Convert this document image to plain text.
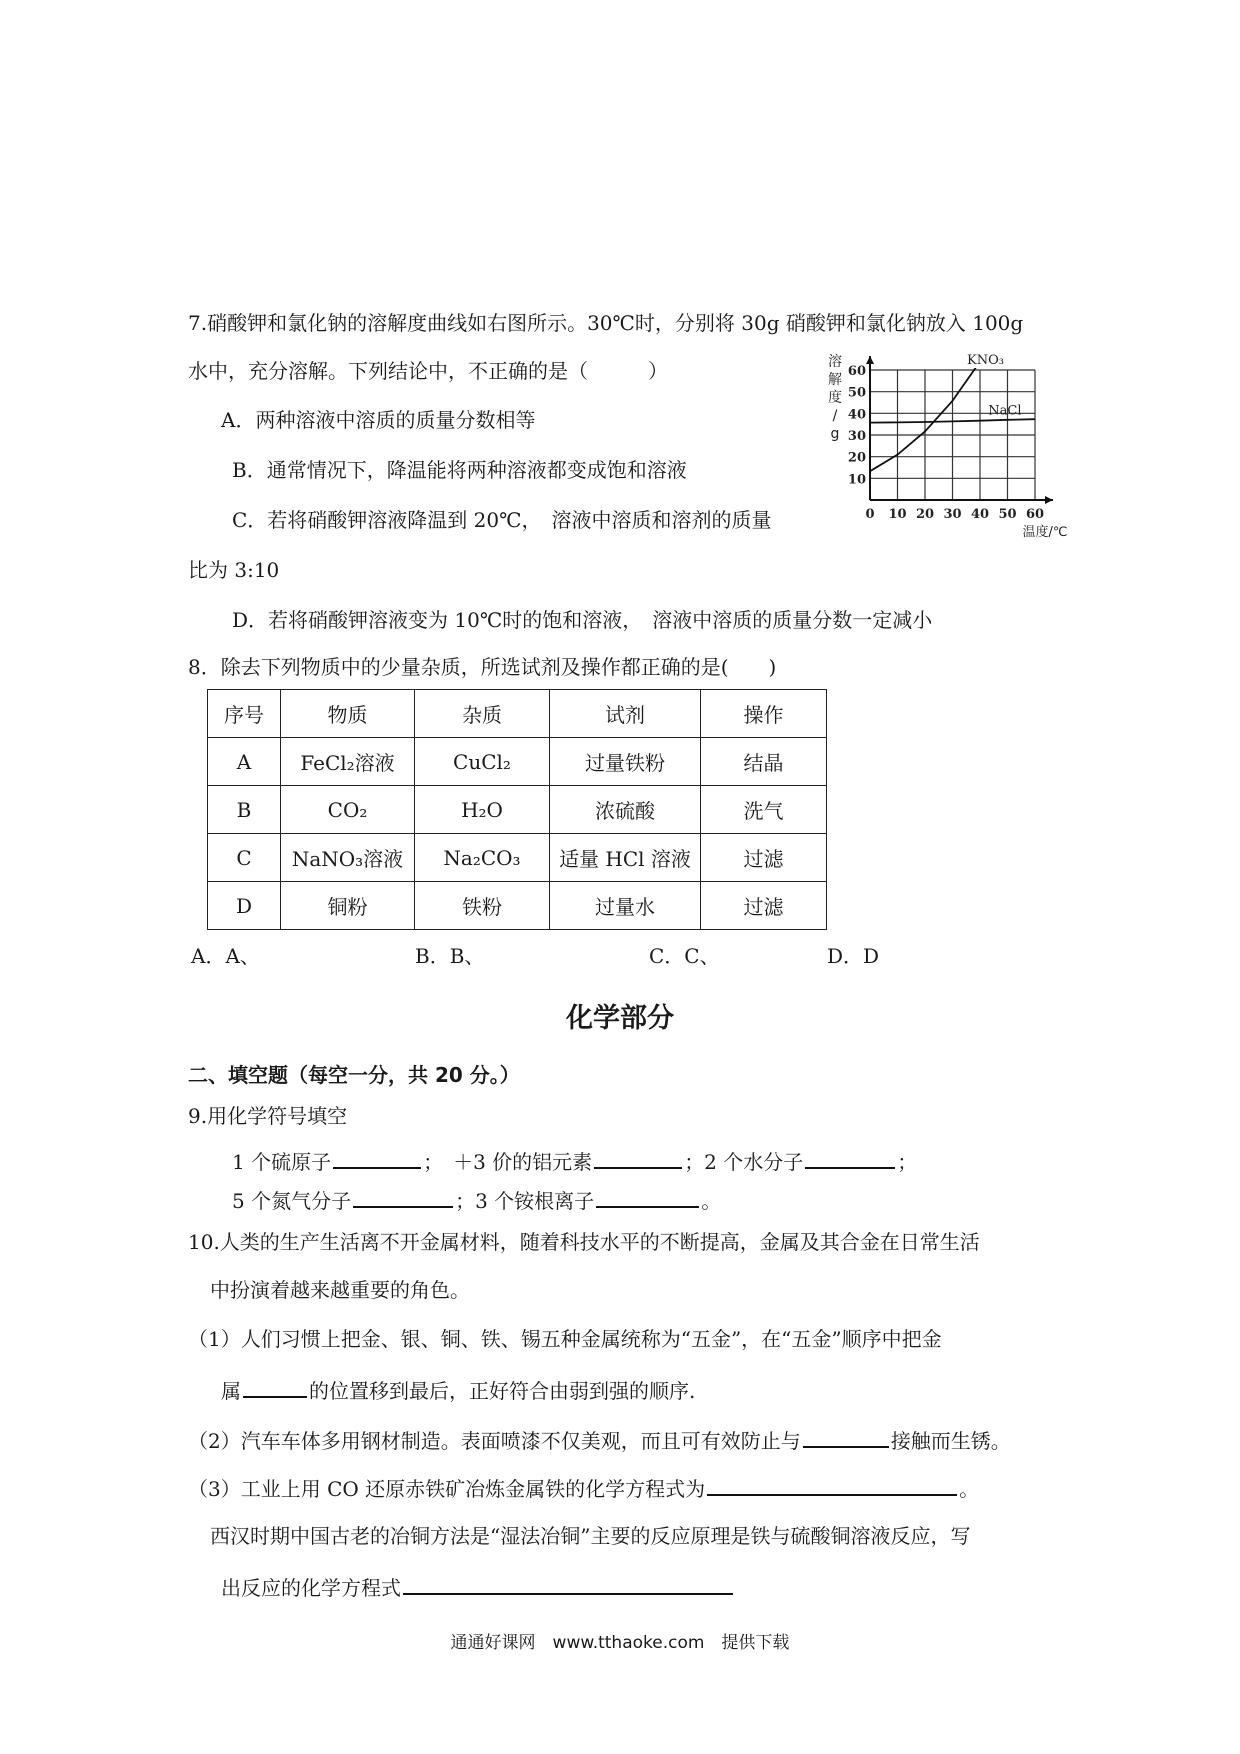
7.硝酸钾和氯化钠的溶解度曲线如右图所示。30℃时，分别将 30g 硝酸钾和氯化钠放入 100g
水中，充分溶解。下列结论中，不正确的是（　　　）
A．两种溶液中溶质的质量分数相等
B．通常情况下，降温能将两种溶液都变成饱和溶液
C．若将硝酸钾溶液降温到 20℃，　溶液中溶质和溶剂的质量
比为 3:10
D．若将硝酸钾溶液变为 10℃时的饱和溶液，　溶液中溶质的质量分数一定减小
0 10 20 30 40 50 60
10
20
30
40
50
60
溶
解
度
/
g
温度/℃
KNO₃
NaCl
8．除去下列物质中的少量杂质，所选试剂及操作都正确的是(　　)
序号	物质	杂质	试剂	操作
A	FeCl₂溶液	CuCl₂	过量铁粉	结晶
B	CO₂	H₂O	浓硫酸	洗气
C	NaNO₃溶液	Na₂CO₃	适量 HCl 溶液	过滤
D	铜粉	铁粉	过量水	过滤
A．A、	B．B、	C．C、	D．D
化学部分
二、填空题（每空一分，共 20 分。）
9.用化学符号填空
1 个硫原子	；　＋3 价的铝元素	；2 个水分子	；
5 个氮气分子	；3 个铵根离子	。
10.人类的生产生活离不开金属材料，随着科技水平的不断提高，金属及其合金在日常生活
中扮演着越来越重要的角色。
（1）人们习惯上把金、银、铜、铁、锡五种金属统称为“五金”，在“五金”顺序中把金
属	的位置移到最后，正好符合由弱到强的顺序.
（2）汽车车体多用钢材制造。表面喷漆不仅美观，而且可有效防止与	接触而生锈。
（3）工业上用 CO 还原赤铁矿冶炼金属铁的化学方程式为	。
西汉时期中国古老的冶铜方法是“湿法冶铜”主要的反应原理是铁与硫酸铜溶液反应，写
出反应的化学方程式
通通好课网　www.tthaoke.com　提供下载
